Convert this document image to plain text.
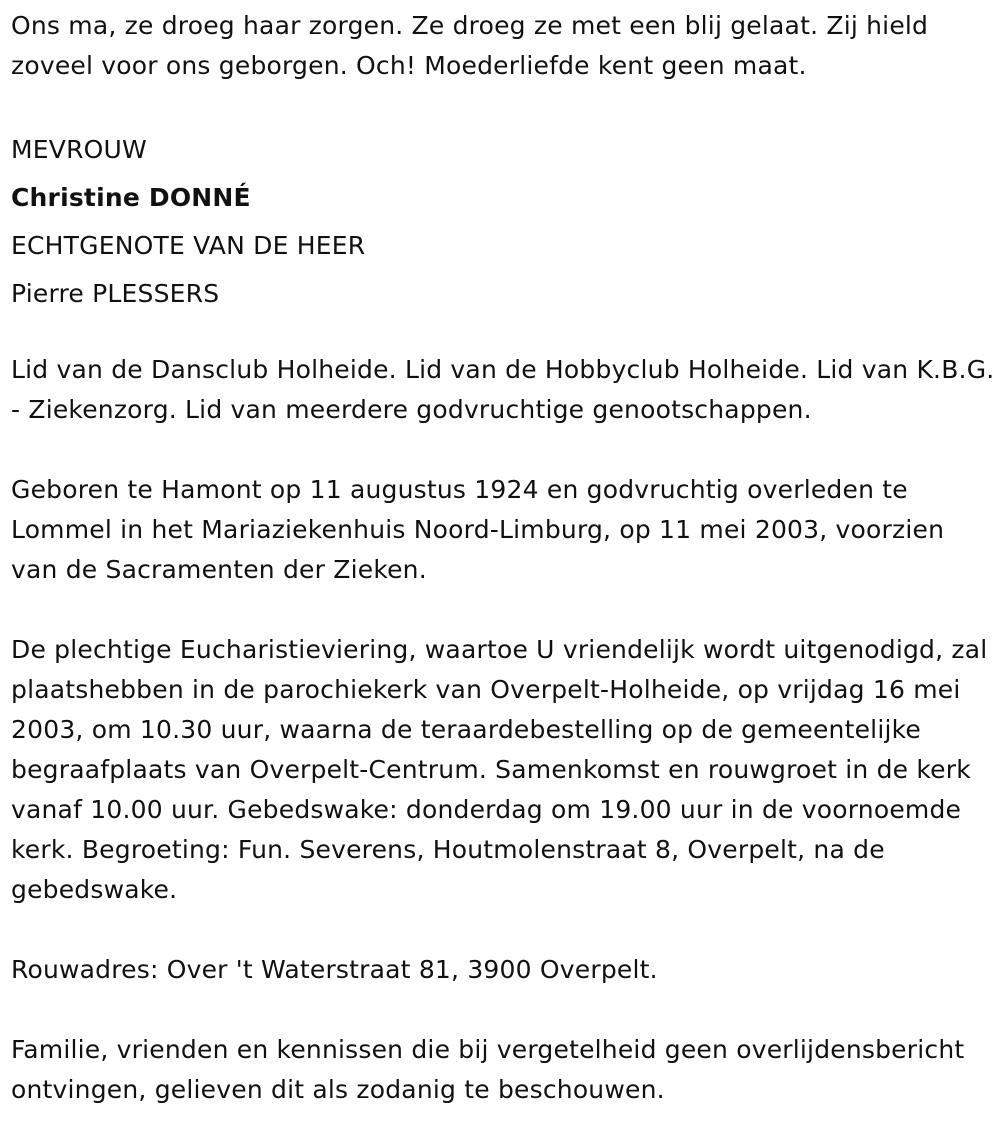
Ons ma, ze droeg haar zorgen. Ze droeg ze met een blij gelaat. Zij hield zoveel voor ons geborgen. Och! Moederliefde kent geen maat.

MEVROUW

Christine DONNÉ

ECHTGENOTE VAN DE HEER

Pierre PLESSERS

Lid van de Dansclub Holheide. Lid van de Hobbyclub Holheide. Lid van K.B.G. - Ziekenzorg. Lid van meerdere godvruchtige genootschappen.

Geboren te Hamont op 11 augustus 1924 en godvruchtig overleden te Lommel in het Mariaziekenhuis Noord-Limburg, op 11 mei 2003, voorzien van de Sacramenten der Zieken.

De plechtige Eucharistieviering, waartoe U vriendelijk wordt uitgenodigd, zal plaatshebben in de parochiekerk van Overpelt-Holheide, op vrijdag 16 mei 2003, om 10.30 uur, waarna de teraardebestelling op de gemeentelijke begraafplaats van Overpelt-Centrum. Samenkomst en rouwgroet in de kerk vanaf 10.00 uur. Gebedswake: donderdag om 19.00 uur in de voornoemde kerk. Begroeting: Fun. Severens, Houtmolenstraat 8, Overpelt, na de gebedswake.

Rouwadres: Over 't Waterstraat 81, 3900 Overpelt.

Familie, vrienden en kennissen die bij vergetelheid geen overlijdensbericht ontvingen, gelieven dit als zodanig te beschouwen.
